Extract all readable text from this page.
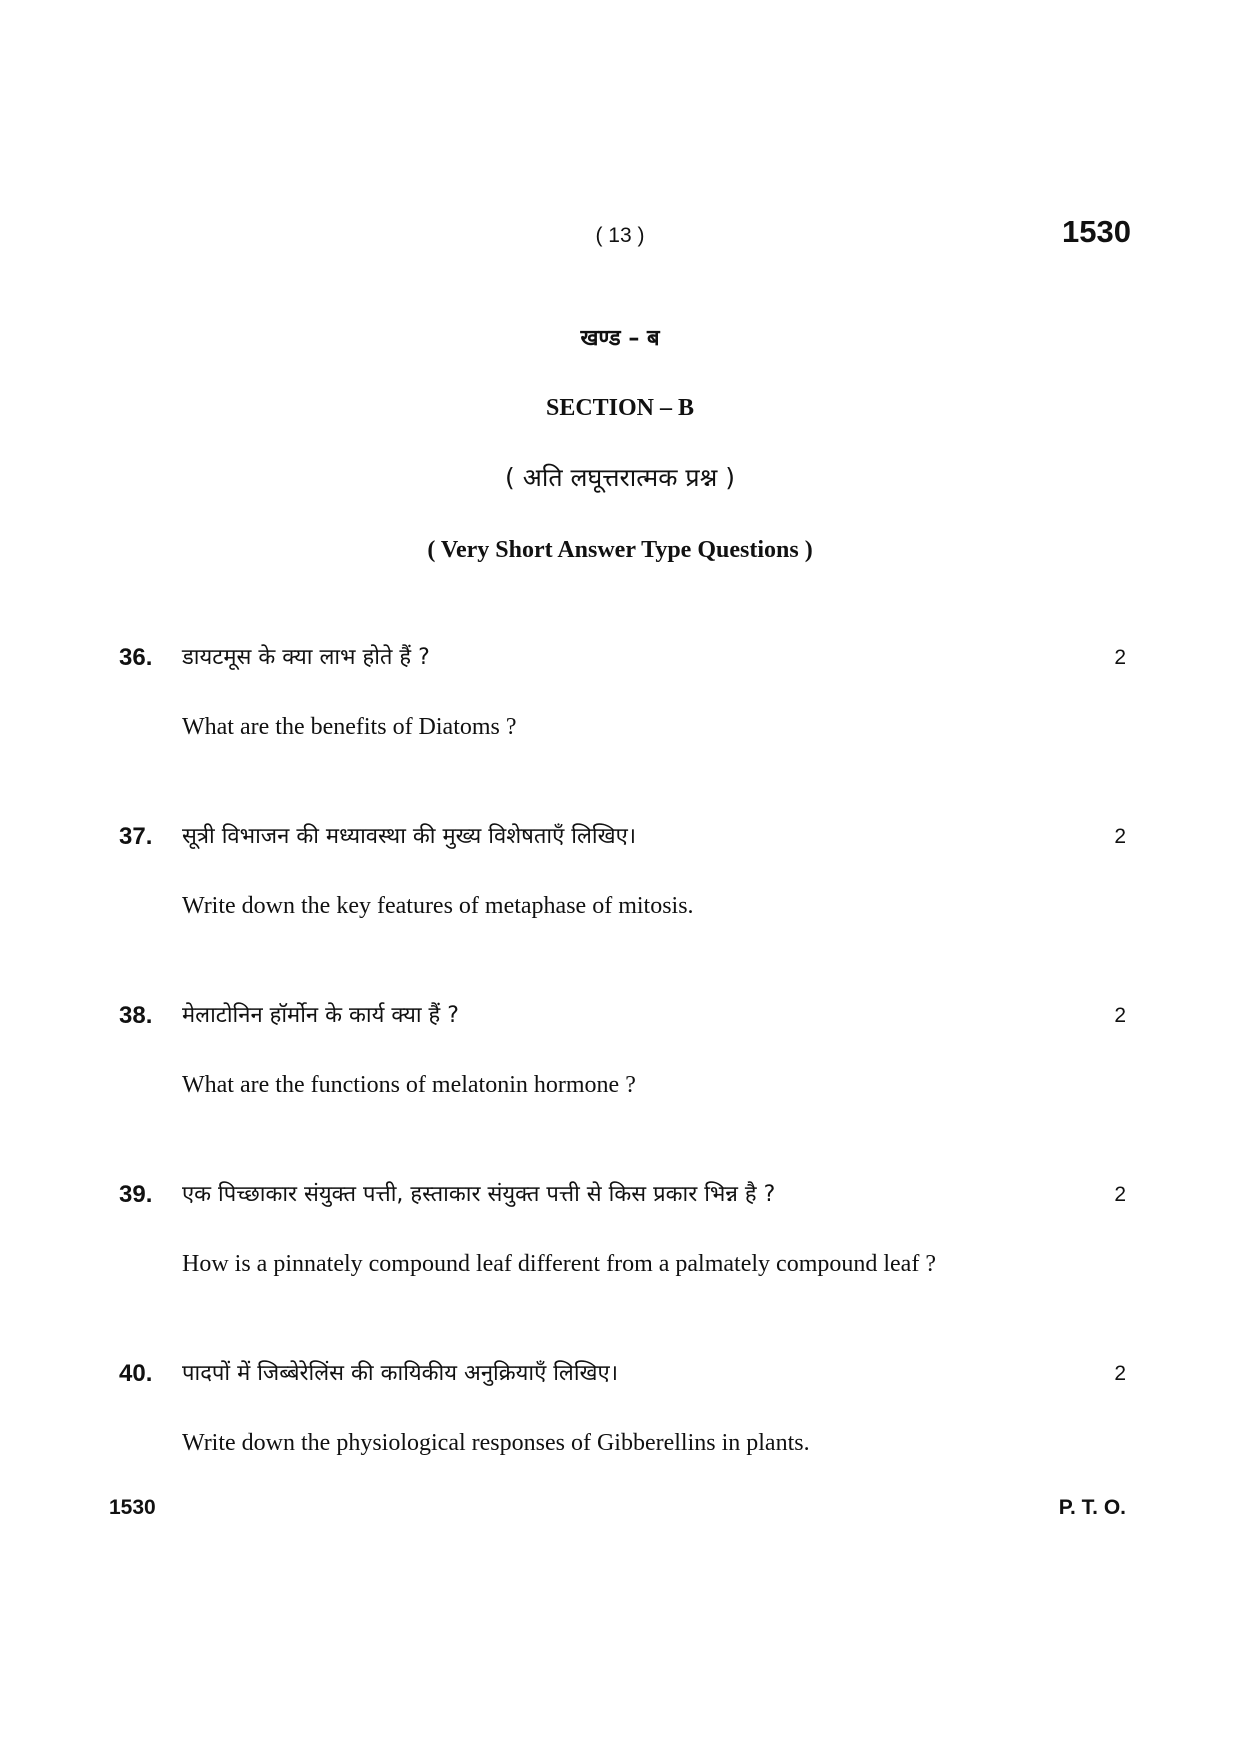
( 13 )	1530
खण्ड – ब
SECTION – B
( अति लघूत्तरात्मक प्रश्न )
( Very Short Answer Type Questions )
36. डायटमूस के क्या लाभ होते हैं ?	2
What are the benefits of Diatoms ?
37. सूत्री विभाजन की मध्यावस्था की मुख्य विशेषताएँ लिखिए।	2
Write down the key features of metaphase of mitosis.
38. मेलाटोनिन हॉर्मोन के कार्य क्या हैं ?	2
What are the functions of melatonin hormone ?
39. एक पिच्छाकार संयुक्त पत्ती, हस्ताकार संयुक्त पत्ती से किस प्रकार भिन्न है ?	2
How is a pinnately compound leaf different from a palmately compound leaf ?
40. पादपों में जिब्बेरेलिंस की कायिकीय अनुक्रियाएँ लिखिए।	2
Write down the physiological responses of Gibberellins in plants.
1530	P. T. O.
